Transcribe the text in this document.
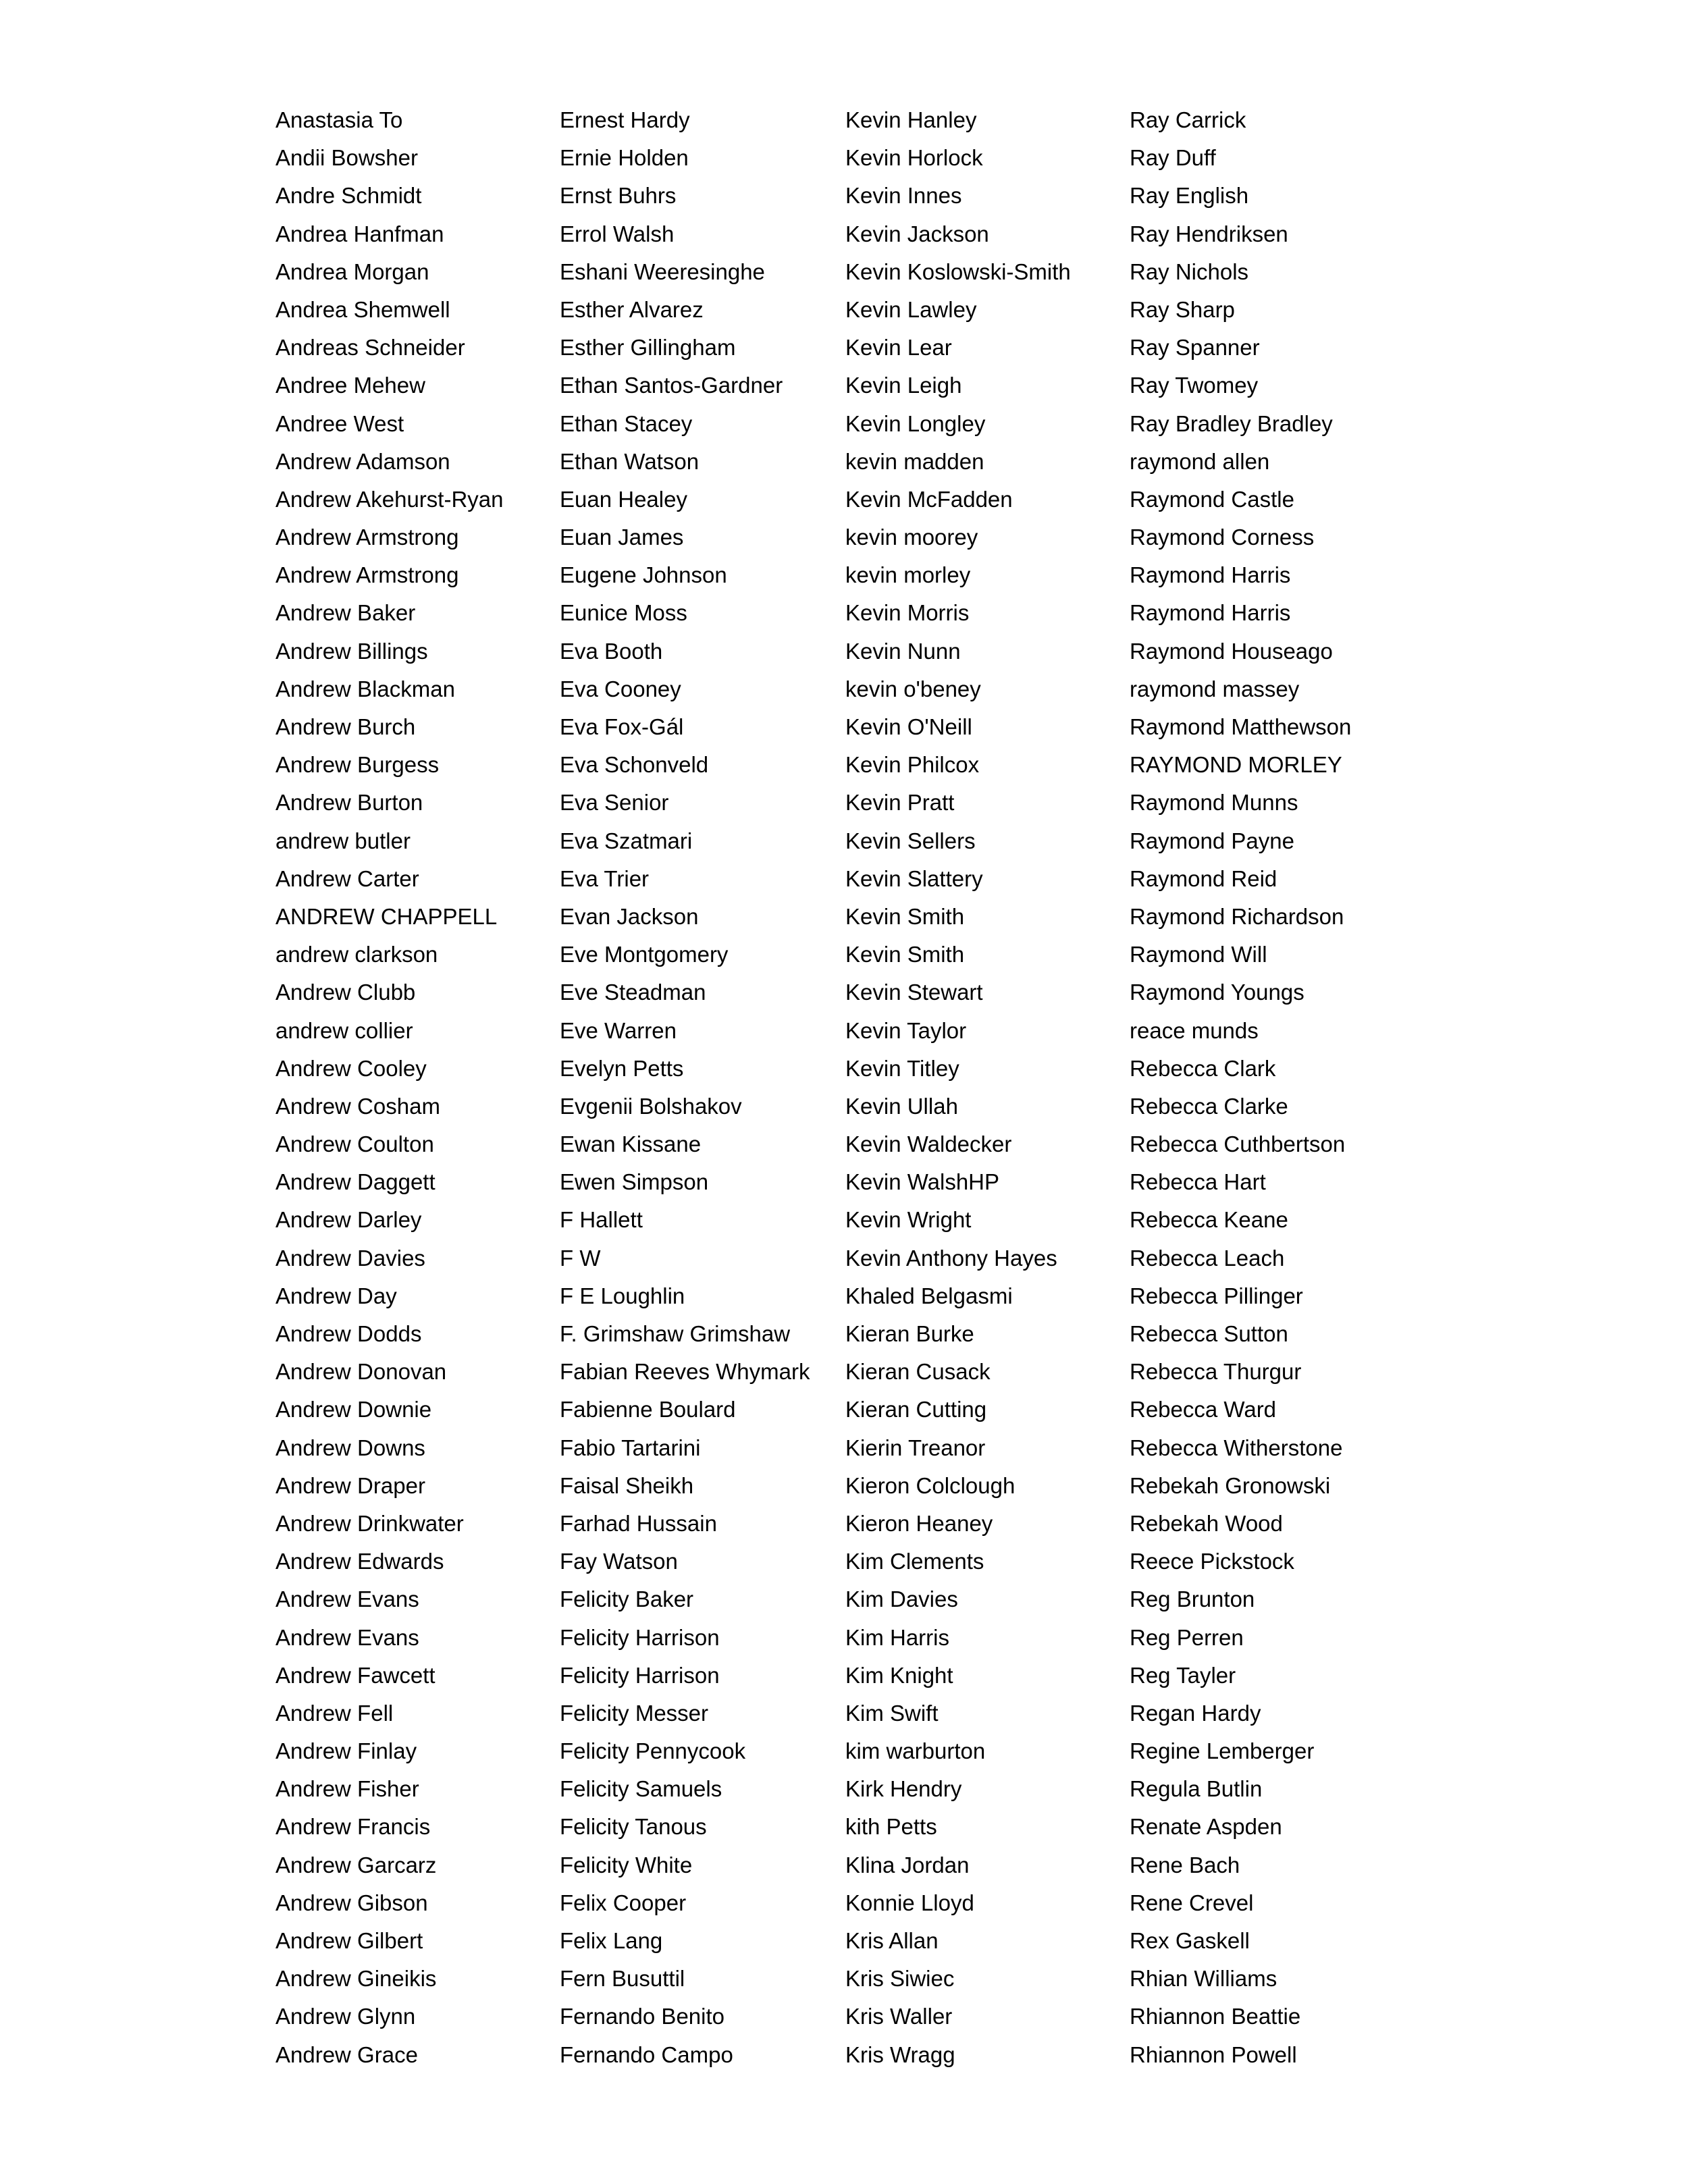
Anastasia To
Andii Bowsher
Andre Schmidt
Andrea Hanfman
Andrea Morgan
Andrea Shemwell
Andreas Schneider
Andree Mehew
Andree West
Andrew Adamson
Andrew Akehurst-Ryan
Andrew Armstrong
Andrew Armstrong
Andrew Baker
Andrew Billings
Andrew Blackman
Andrew Burch
Andrew Burgess
Andrew Burton
andrew butler
Andrew Carter
ANDREW CHAPPELL
andrew clarkson
Andrew Clubb
andrew collier
Andrew Cooley
Andrew Cosham
Andrew Coulton
Andrew Daggett
Andrew Darley
Andrew Davies
Andrew Day
Andrew Dodds
Andrew Donovan
Andrew Downie
Andrew Downs
Andrew Draper
Andrew Drinkwater
Andrew Edwards
Andrew Evans
Andrew Evans
Andrew Fawcett
Andrew Fell
Andrew Finlay
Andrew Fisher
Andrew Francis
Andrew Garcarz
Andrew Gibson
Andrew Gilbert
Andrew Gineikis
Andrew Glynn
Andrew Grace
Ernest Hardy
Ernie Holden
Ernst Buhrs
Errol Walsh
Eshani Weeresinghe
Esther Alvarez
Esther Gillingham
Ethan Santos-Gardner
Ethan Stacey
Ethan Watson
Euan Healey
Euan James
Eugene Johnson
Eunice Moss
Eva Booth
Eva Cooney
Eva Fox-Gál
Eva Schonveld
Eva Senior
Eva Szatmari
Eva Trier
Evan Jackson
Eve Montgomery
Eve Steadman
Eve Warren
Evelyn Petts
Evgenii Bolshakov
Ewan Kissane
Ewen Simpson
F Hallett
F W
F E Loughlin
F. Grimshaw Grimshaw
Fabian Reeves Whymark
Fabienne Boulard
Fabio Tartarini
Faisal Sheikh
Farhad Hussain
Fay Watson
Felicity Baker
Felicity Harrison
Felicity Harrison
Felicity Messer
Felicity Pennycook
Felicity Samuels
Felicity Tanous
Felicity White
Felix Cooper
Felix Lang
Fern Busuttil
Fernando Benito
Fernando Campo
Kevin Hanley
Kevin Horlock
Kevin Innes
Kevin Jackson
Kevin Koslowski-Smith
Kevin Lawley
Kevin Lear
Kevin Leigh
Kevin Longley
kevin madden
Kevin McFadden
kevin moorey
kevin morley
Kevin Morris
Kevin Nunn
kevin o'beney
Kevin O'Neill
Kevin Philcox
Kevin Pratt
Kevin Sellers
Kevin Slattery
Kevin Smith
Kevin Smith
Kevin Stewart
Kevin Taylor
Kevin Titley
Kevin Ullah
Kevin Waldecker
Kevin WalshHP
Kevin Wright
Kevin Anthony Hayes
Khaled Belgasmi
Kieran Burke
Kieran Cusack
Kieran Cutting
Kierin Treanor
Kieron Colclough
Kieron Heaney
Kim Clements
Kim Davies
Kim Harris
Kim Knight
Kim Swift
kim warburton
Kirk Hendry
kith Petts
Klina Jordan
Konnie Lloyd
Kris Allan
Kris Siwiec
Kris Waller
Kris Wragg
Ray Carrick
Ray Duff
Ray English
Ray Hendriksen
Ray Nichols
Ray Sharp
Ray Spanner
Ray Twomey
Ray Bradley Bradley
raymond allen
Raymond Castle
Raymond Corness
Raymond Harris
Raymond Harris
Raymond Houseago
raymond massey
Raymond Matthewson
RAYMOND MORLEY
Raymond Munns
Raymond Payne
Raymond Reid
Raymond Richardson
Raymond Will
Raymond Youngs
reace munds
Rebecca Clark
Rebecca Clarke
Rebecca Cuthbertson
Rebecca Hart
Rebecca Keane
Rebecca Leach
Rebecca Pillinger
Rebecca Sutton
Rebecca Thurgur
Rebecca Ward
Rebecca Witherstone
Rebekah Gronowski
Rebekah Wood
Reece Pickstock
Reg Brunton
Reg Perren
Reg Tayler
Regan Hardy
Regine Lemberger
Regula Butlin
Renate Aspden
Rene Bach
Rene Crevel
Rex Gaskell
Rhian Williams
Rhiannon Beattie
Rhiannon Powell
